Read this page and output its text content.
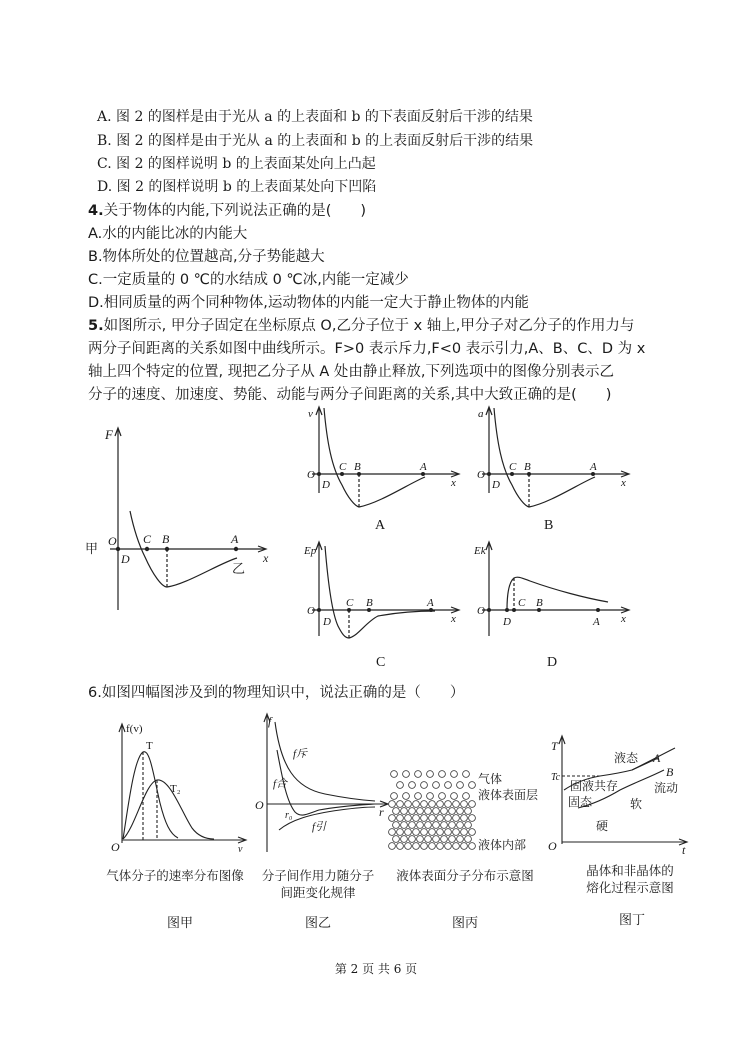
A. 图 2 的图样是由于光从 a 的上表面和 b 的下表面反射后干涉的结果
B. 图 2 的图样是由于光从 a 的上表面和 b 的上表面反射后干涉的结果
C. 图 2 的图样说明 b 的上表面某处向上凸起
D. 图 2 的图样说明 b 的上表面某处向下凹陷
4.关于物体的内能,下列说法正确的是(　　)
A.水的内能比冰的内能大
B.物体所处的位置越高,分子势能越大
C.一定质量的 0 ℃的水结成 0 ℃冰,内能一定减少
D.相同质量的两个同种物体,运动物体的内能一定大于静止物体的内能
5.如图所示, 甲分子固定在坐标原点 O,乙分子位于 x 轴上,甲分子对乙分子的作用力与
两分子间距离的关系如图中曲线所示。F>0 表示斥力,F<0 表示引力,A、B、C、D 为 x
轴上四个特定的位置, 现把乙分子从 A 处由静止释放,下列选项中的图像分别表示乙
分子的速度、加速度、势能、动能与两分子间距离的关系,其中大致正确的是(　　)
F
甲 O
D
C B	A
乙
x
v
O
D
C B	A
x
A
a
O
D
C B	A
x
B
Ep
O
D
C B	A
x
C
Ek
O
D
C B
A x
D
6.如图四幅图涉及到的物理知识中，说法正确的是（　　）
f(v)
T
T₂
O	v
气体分子的速率分布图像
图甲
f
f斥
f合
r₀
f引
O	r
分子间作用力随分子
间距变化规律
图乙
气体
液体表面层
液体内部
液体表面分子分布示意图
图丙
T
Tc
O	t
液态 A
B
固液共存
固态
流动
软
硬
晶体和非晶体的
熔化过程示意图
图丁
第 2 页 共 6 页
